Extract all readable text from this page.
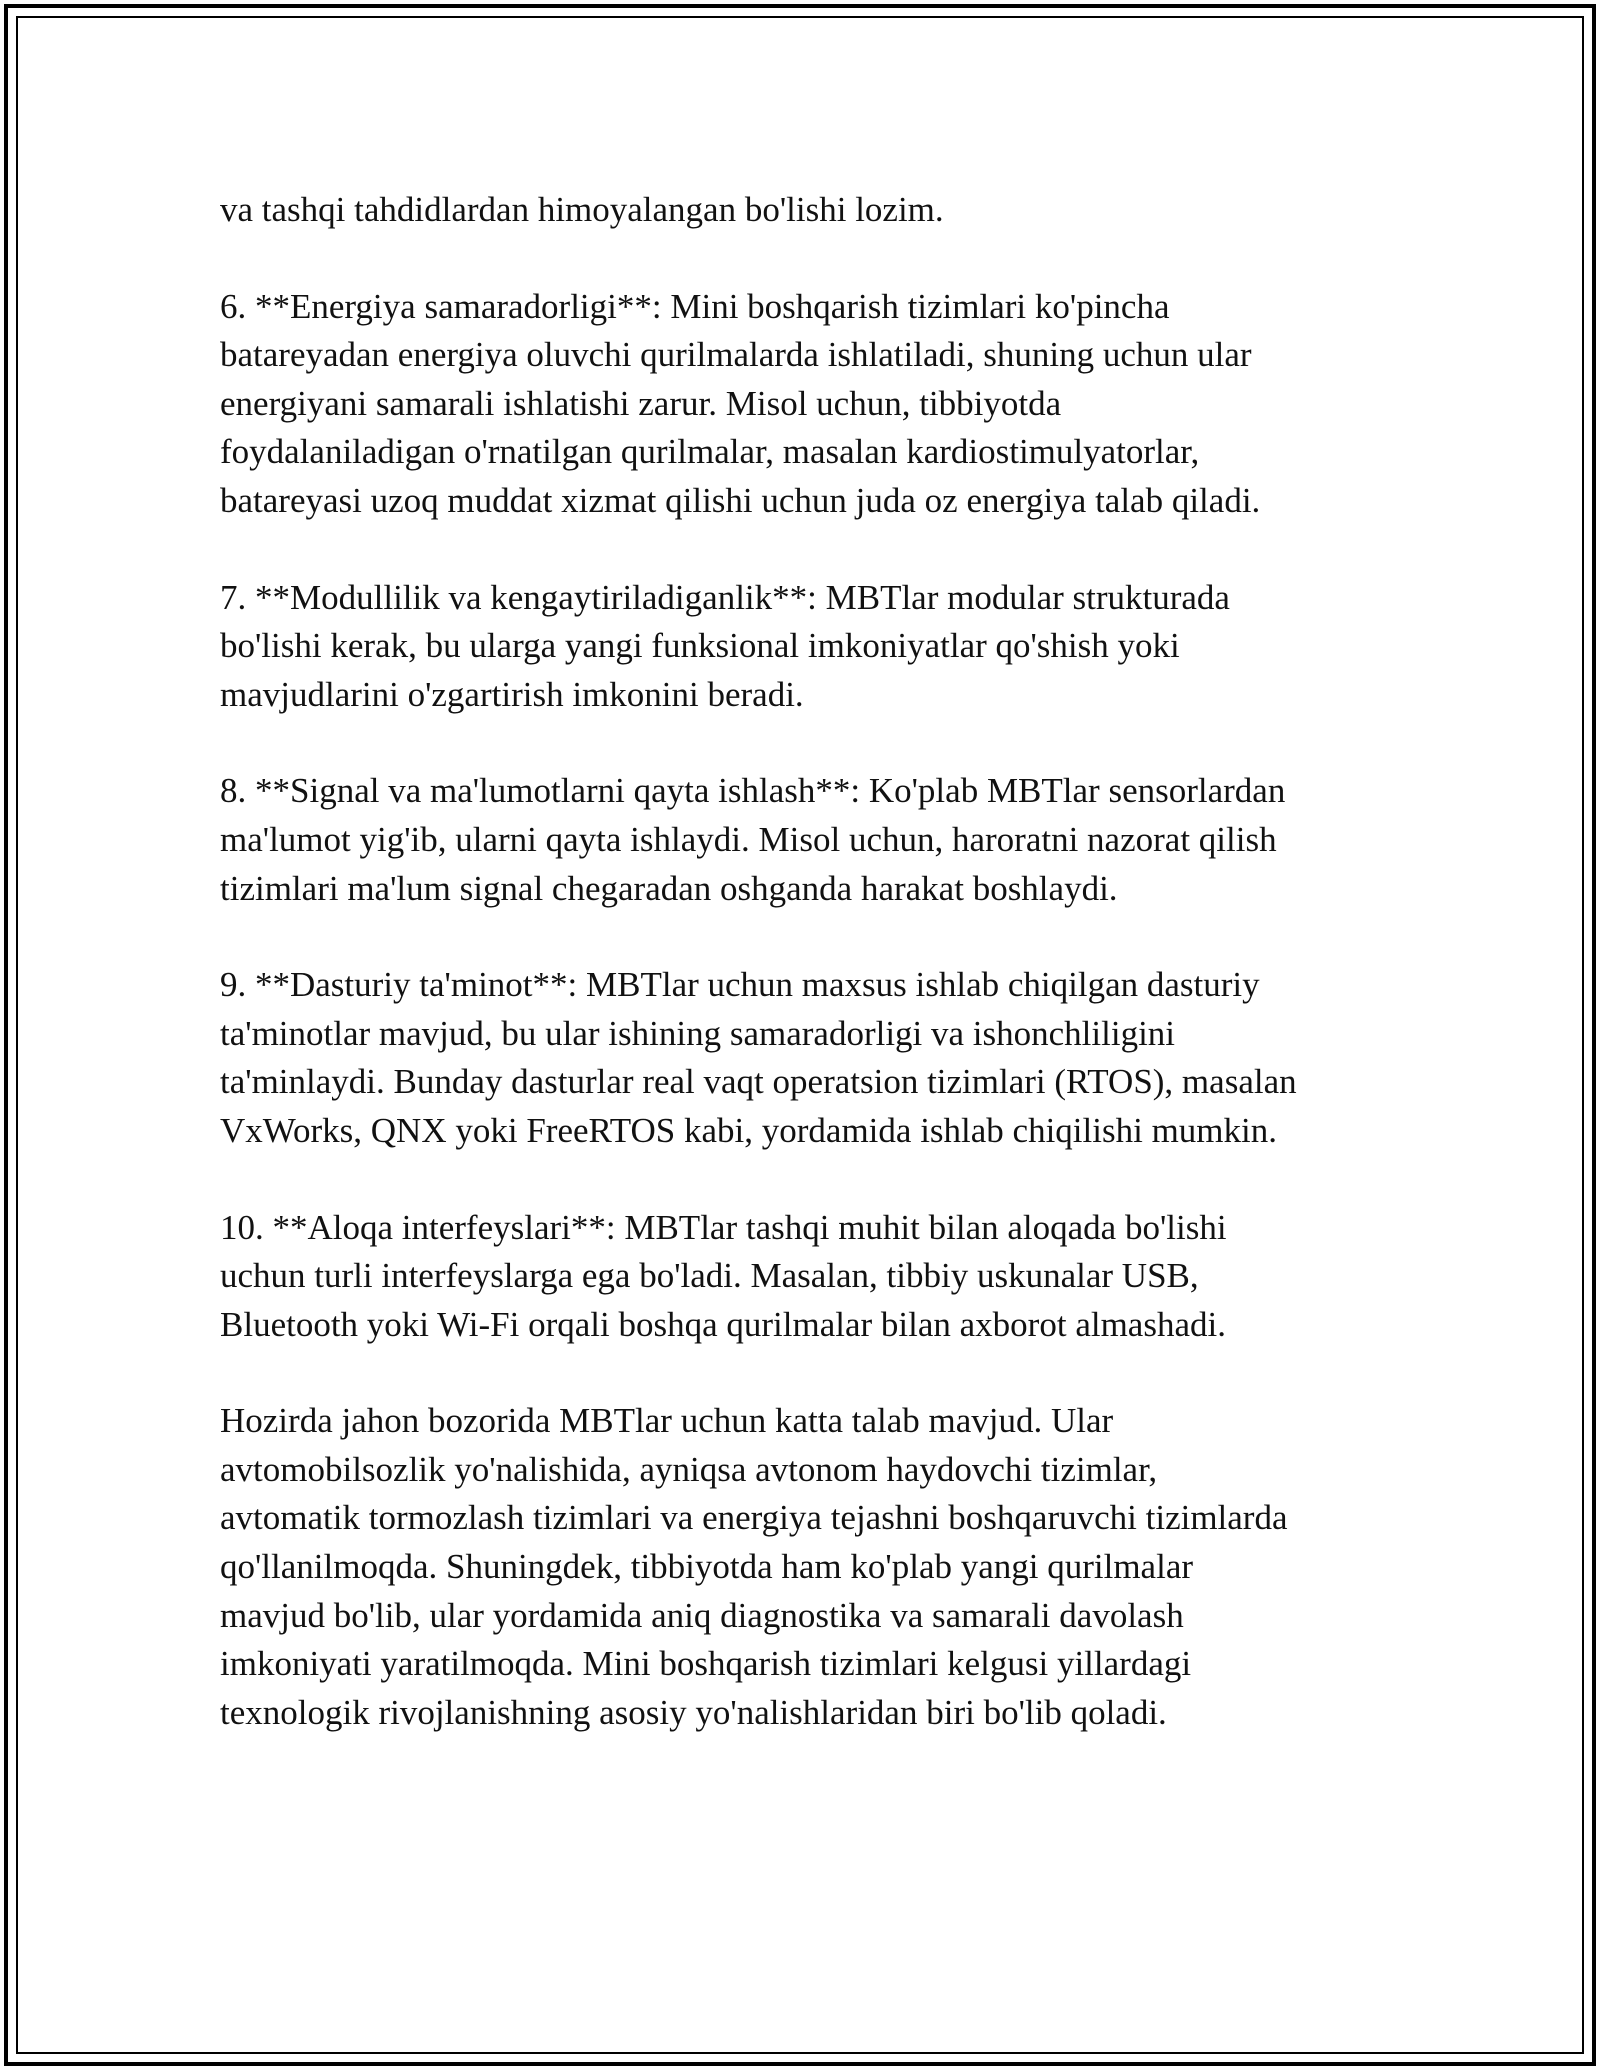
va tashqi tahdidlardan himoyalangan bo'lishi lozim.

6. **Energiya samaradorligi**: Mini boshqarish tizimlari ko'pincha
batareyadan energiya oluvchi qurilmalarda ishlatiladi, shuning uchun ular
energiyani samarali ishlatishi zarur. Misol uchun, tibbiyotda
foydalaniladigan o'rnatilgan qurilmalar, masalan kardiostimulyatorlar,
batareyasi uzoq muddat xizmat qilishi uchun juda oz energiya talab qiladi.

7. **Modullilik va kengaytiriladiganlik**: MBTlar modular strukturada
bo'lishi kerak, bu ularga yangi funksional imkoniyatlar qo'shish yoki
mavjudlarini o'zgartirish imkonini beradi.

8. **Signal va ma'lumotlarni qayta ishlash**: Ko'plab MBTlar sensorlardan
ma'lumot yig'ib, ularni qayta ishlaydi. Misol uchun, haroratni nazorat qilish
tizimlari ma'lum signal chegaradan oshganda harakat boshlaydi.

9. **Dasturiy ta'minot**: MBTlar uchun maxsus ishlab chiqilgan dasturiy
ta'minotlar mavjud, bu ular ishining samaradorligi va ishonchliligini
ta'minlaydi. Bunday dasturlar real vaqt operatsion tizimlari (RTOS), masalan
VxWorks, QNX yoki FreeRTOS kabi, yordamida ishlab chiqilishi mumkin.

10. **Aloqa interfeyslari**: MBTlar tashqi muhit bilan aloqada bo'lishi
uchun turli interfeyslarga ega bo'ladi. Masalan, tibbiy uskunalar USB,
Bluetooth yoki Wi-Fi orqali boshqa qurilmalar bilan axborot almashadi.

Hozirda jahon bozorida MBTlar uchun katta talab mavjud. Ular
avtomobilsozlik yo'nalishida, ayniqsa avtonom haydovchi tizimlar,
avtomatik tormozlash tizimlari va energiya tejashni boshqaruvchi tizimlarda
qo'llanilmoqda. Shuningdek, tibbiyotda ham ko'plab yangi qurilmalar
mavjud bo'lib, ular yordamida aniq diagnostika va samarali davolash
imkoniyati yaratilmoqda. Mini boshqarish tizimlari kelgusi yillardagi
texnologik rivojlanishning asosiy yo'nalishlaridan biri bo'lib qoladi.
